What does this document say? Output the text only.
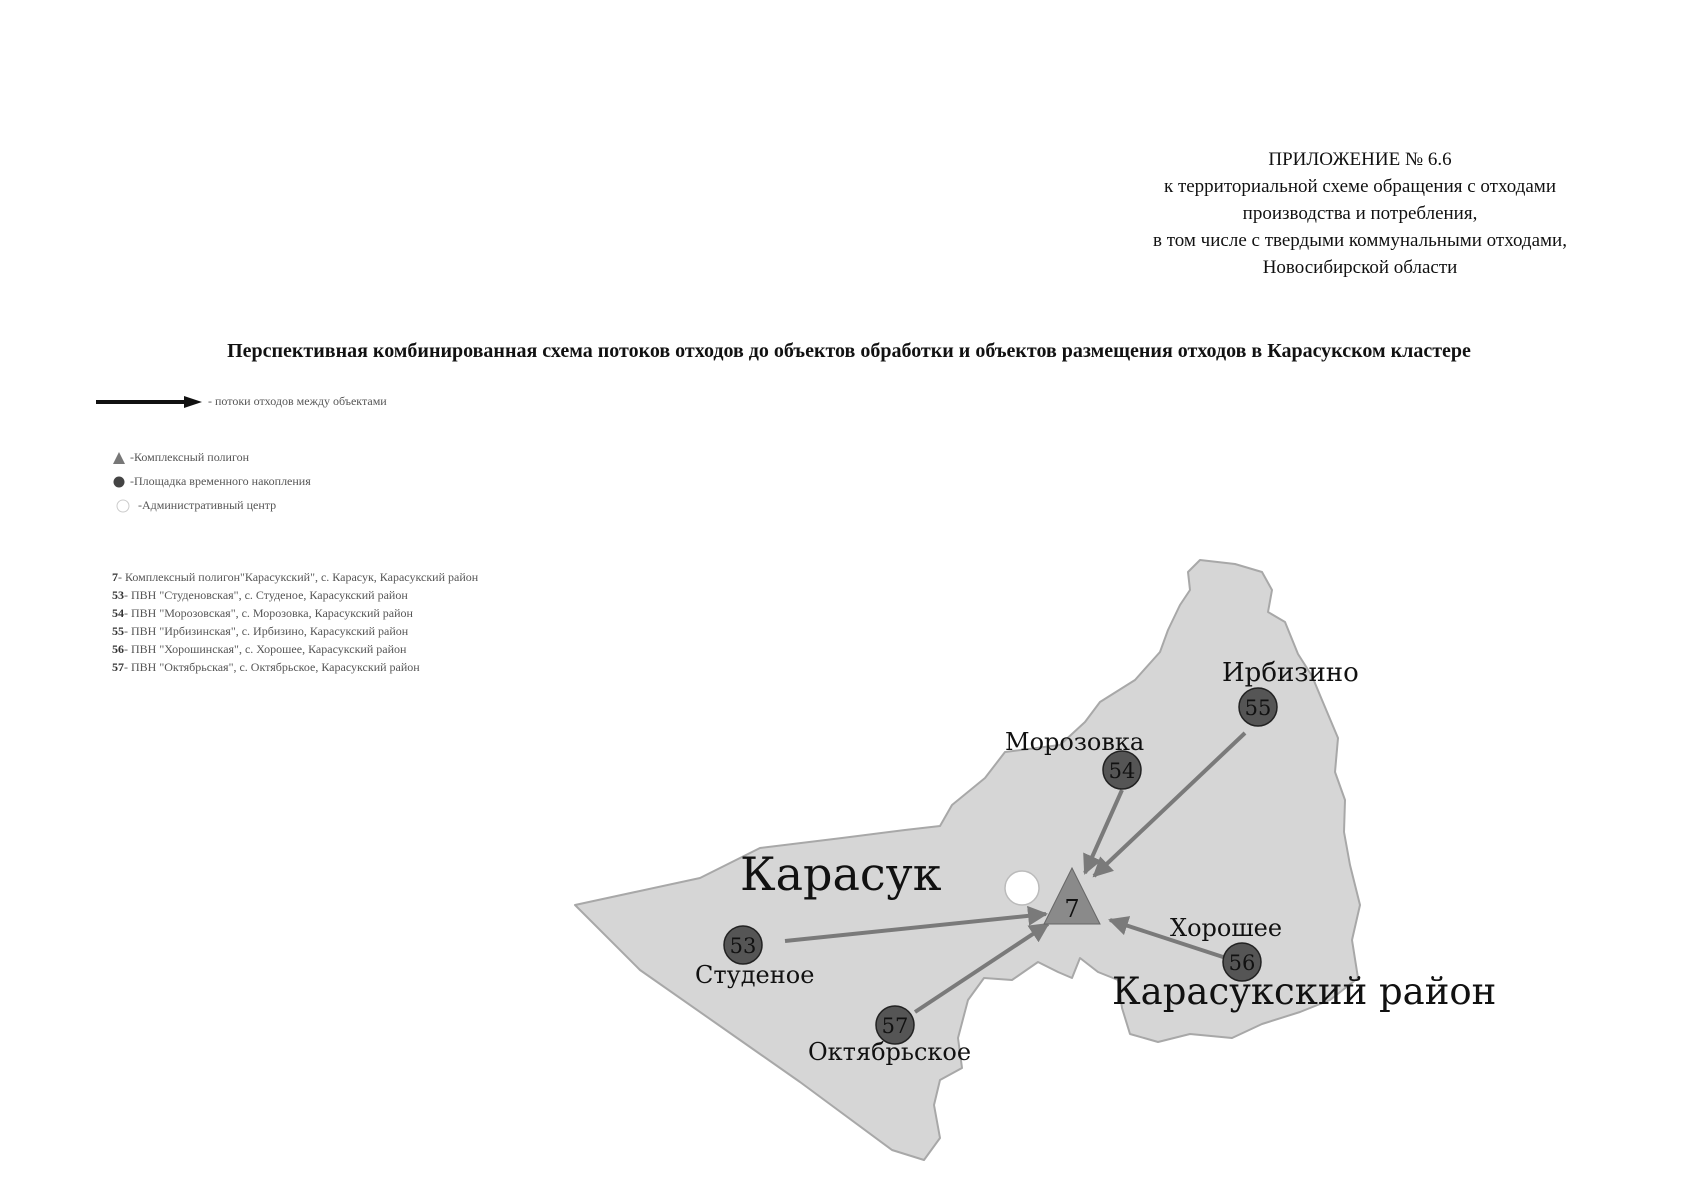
ПРИЛОЖЕНИЕ № 6.6
к территориальной схеме обращения с отходами
производства и потребления,
в том числе с твердыми коммунальными отходами,
Новосибирской области
Перспективная комбинированная схема потоков отходов до объектов обработки и объектов размещения отходов в Карасукском кластере
- потоки отходов между объектами
-Комплексный полигон
-Площадка временного накопления
-Административный центр
7- Комплексный полигон"Карасукский", с. Карасук, Карасукский район
53- ПВН "Студеновская", с. Студеное, Карасукский район
54- ПВН "Морозовская", с. Морозовка, Карасукский район
55- ПВН "Ирбизинская", с. Ирбизино, Карасукский район
56- ПВН "Хорошинская", с. Хорошее, Карасукский район
57- ПВН "Октябрьская", с. Октябрьское, Карасукский район
7
53
54
55
56
57
Студеное
Морозовка
Ирбизино
Хорошее
Октябрьское
Карасук
Карасукский район
